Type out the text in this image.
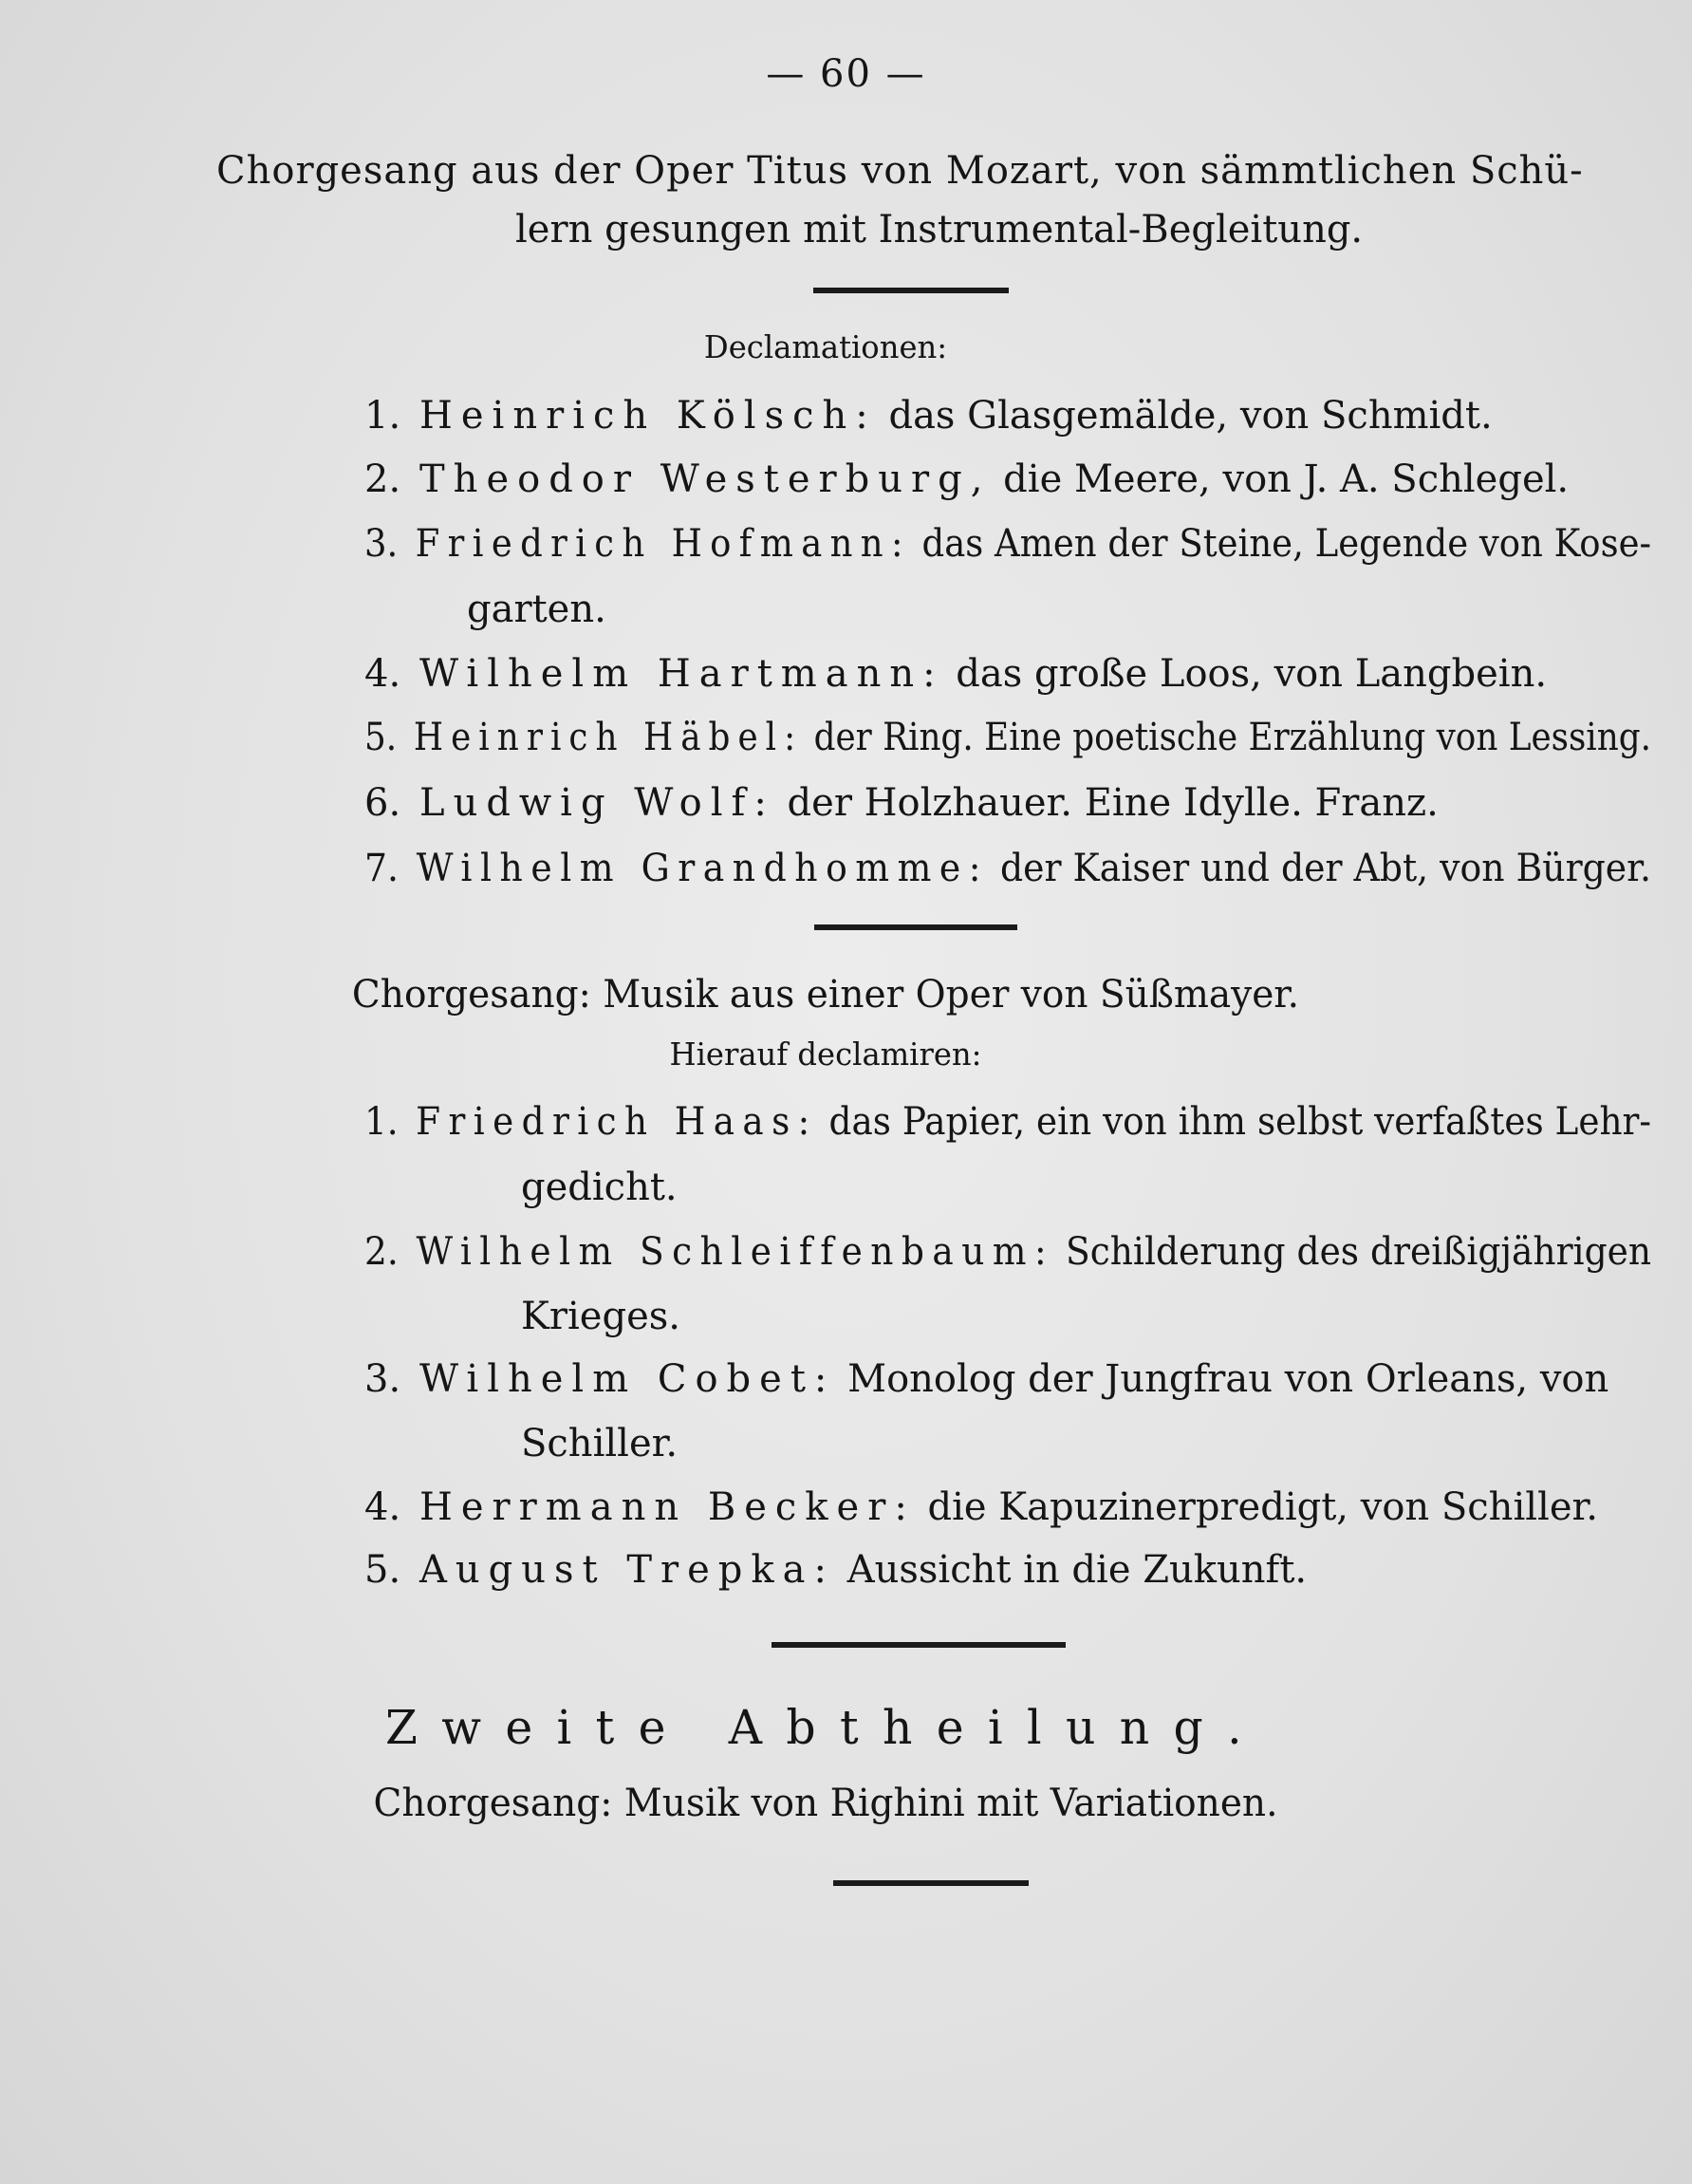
— 60 —
Chorgesang aus der Oper Titus von Mozart, von sämmtlichen Schü-
lern gesungen mit Instrumental-Begleitung.
Declamationen:
1. Heinrich Kölsch: das Glasgemälde, von Schmidt.
2. Theodor Westerburg, die Meere, von J. A. Schlegel.
3. Friedrich Hofmann: das Amen der Steine, Legende von Kose-
garten.
4. Wilhelm Hartmann: das große Loos, von Langbein.
5. Heinrich Häbel: der Ring. Eine poetische Erzählung von Lessing.
6. Ludwig Wolf: der Holzhauer. Eine Idylle. Franz.
7. Wilhelm Grandhomme: der Kaiser und der Abt, von Bürger.
Chorgesang: Musik aus einer Oper von Süßmayer.
Hierauf declamiren:
1. Friedrich Haas: das Papier, ein von ihm selbst verfaßtes Lehr-
gedicht.
2. Wilhelm Schleiffenbaum: Schilderung des dreißigjährigen
Krieges.
3. Wilhelm Cobet: Monolog der Jungfrau von Orleans, von
Schiller.
4. Herrmann Becker: die Kapuzinerpredigt, von Schiller.
5. August Trepka: Aussicht in die Zukunft.
Zweite Abtheilung.
Chorgesang: Musik von Righini mit Variationen.
